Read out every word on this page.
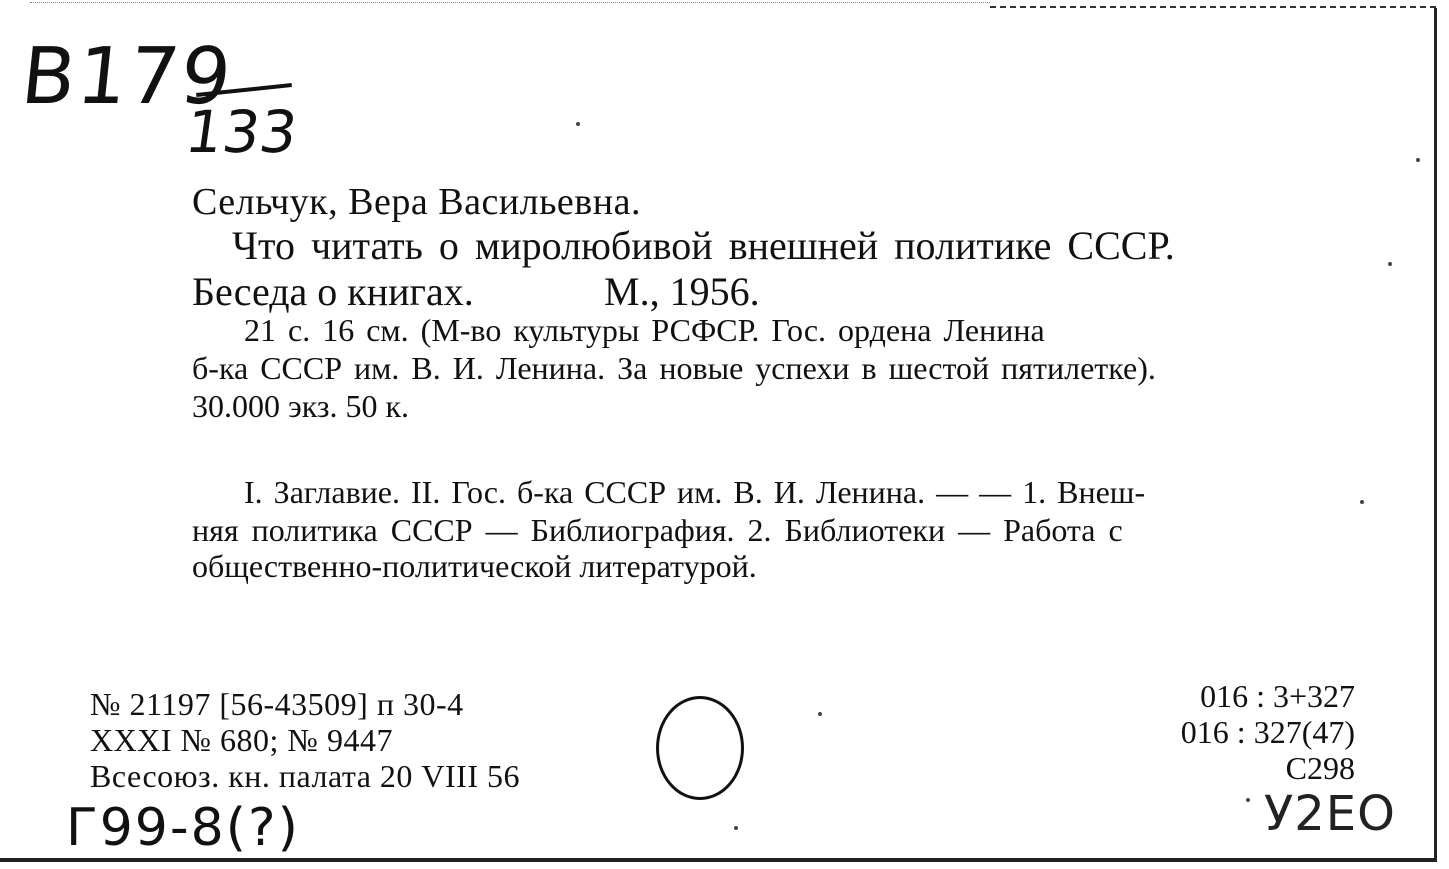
B179
133
Сельчук, Вера Васильевна.
Что читать о миролюбивой внешней политике СССР.
Беседа о книгах.	М., 1956.
21 с. 16 см. (М-во культуры РСФСР. Гос. ордена Ленина
б-ка СССР им. В. И. Ленина. За новые успехи в шестой пятилетке).
30.000 экз. 50 к.
I. Заглавие. II. Гос. б-ка СССР им. В. И. Ленина. — — 1. Внеш-
няя политика СССР — Библиография. 2. Библиотеки — Работа с
общественно-политической литературой.
№ 21197 [56-43509] п 30-4
XXXI № 680; № 9447
Всесоюз. кн. палата 20 VIII 56
016 : 3+327
016 : 327(47)
С298
Г99-8(?)	У2ЕО
